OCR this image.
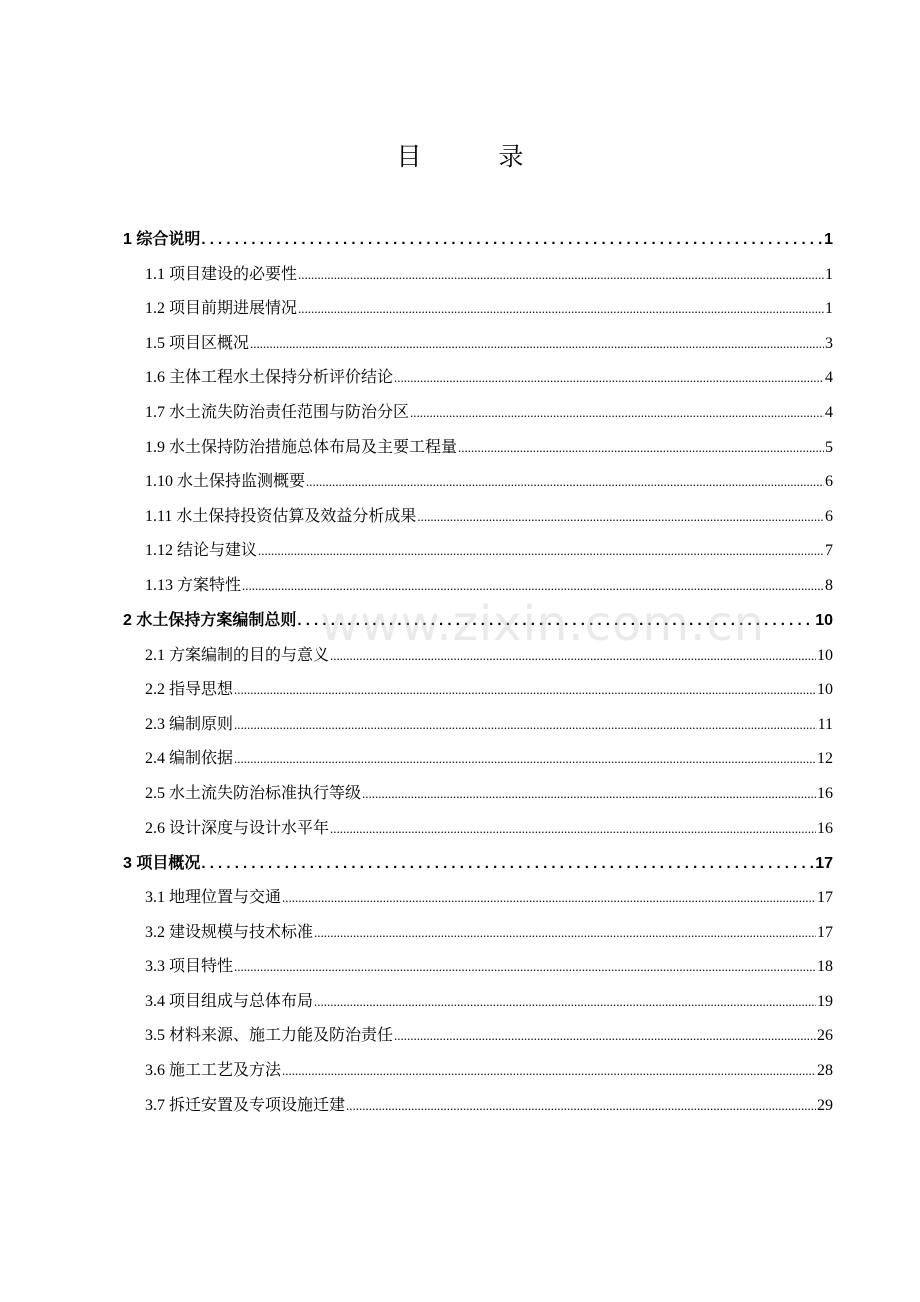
目　录
1 综合说明 . . .	1
1.1 项目建设的必要性 .....	1
1.2 项目前期进展情况 .....	1
1.5 项目区概况 .....	3
1.6 主体工程水土保持分析评价结论 .....	4
1.7 水土流失防治责任范围与防治分区 .....	4
1.9 水土保持防治措施总体布局及主要工程量 .....	5
1.10 水土保持监测概要 .....	6
1.11 水土保持投资估算及效益分析成果 .....	6
1.12 结论与建议 .....	7
1.13 方案特性 .....	8
2 水土保持方案编制总则 . . .	10
2.1 方案编制的目的与意义 .....	10
2.2 指导思想 .....	10
2.3 编制原则 .....	11
2.4 编制依据 .....	12
2.5 水土流失防治标准执行等级 .....	16
2.6 设计深度与设计水平年 .....	16
3 项目概况 . . .	17
3.1 地理位置与交通 .....	17
3.2 建设规模与技术标准 .....	17
3.3 项目特性 .....	18
3.4 项目组成与总体布局 .....	19
3.5 材料来源、施工力能及防治责任 .....	26
3.6 施工工艺及方法 .....	28
3.7 拆迁安置及专项设施迁建 .....	29
www.zixin.com.cn
